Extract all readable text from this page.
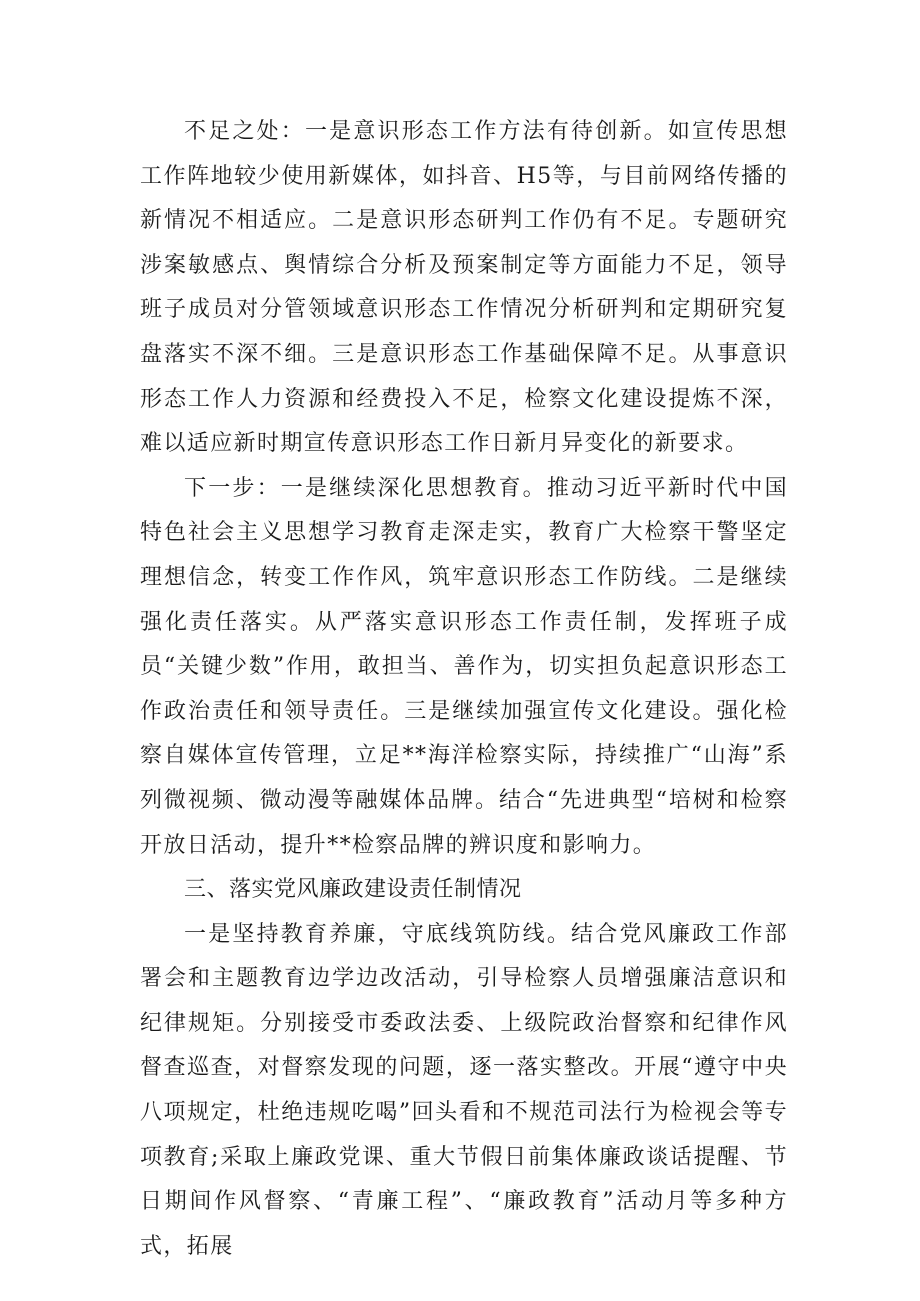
不足之处：一是意识形态工作方法有待创新。如宣传思想工作阵地较少使用新媒体，如抖音、H5等，与目前网络传播的新情况不相适应。二是意识形态研判工作仍有不足。专题研究涉案敏感点、舆情综合分析及预案制定等方面能力不足，领导班子成员对分管领域意识形态工作情况分析研判和定期研究复盘落实不深不细。三是意识形态工作基础保障不足。从事意识形态工作人力资源和经费投入不足，检察文化建设提炼不深，难以适应新时期宣传意识形态工作日新月异变化的新要求。

下一步：一是继续深化思想教育。推动习近平新时代中国特色社会主义思想学习教育走深走实，教育广大检察干警坚定理想信念，转变工作作风，筑牢意识形态工作防线。二是继续强化责任落实。从严落实意识形态工作责任制，发挥班子成员“关键少数”作用，敢担当、善作为，切实担负起意识形态工作政治责任和领导责任。三是继续加强宣传文化建设。强化检察自媒体宣传管理，立足**海洋检察实际，持续推广“山海”系列微视频、微动漫等融媒体品牌。结合“先进典型“培树和检察开放日活动，提升**检察品牌的辨识度和影响力。

三、落实党风廉政建设责任制情况

一是坚持教育养廉，守底线筑防线。结合党风廉政工作部署会和主题教育边学边改活动，引导检察人员增强廉洁意识和纪律规矩。分别接受市委政法委、上级院政治督察和纪律作风督查巡查，对督察发现的问题，逐一落实整改。开展“遵守中央八项规定，杜绝违规吃喝”回头看和不规范司法行为检视会等专项教育;采取上廉政党课、重大节假日前集体廉政谈话提醒、节日期间作风督察、“青廉工程”、“廉政教育”活动月等多种方式，拓展
